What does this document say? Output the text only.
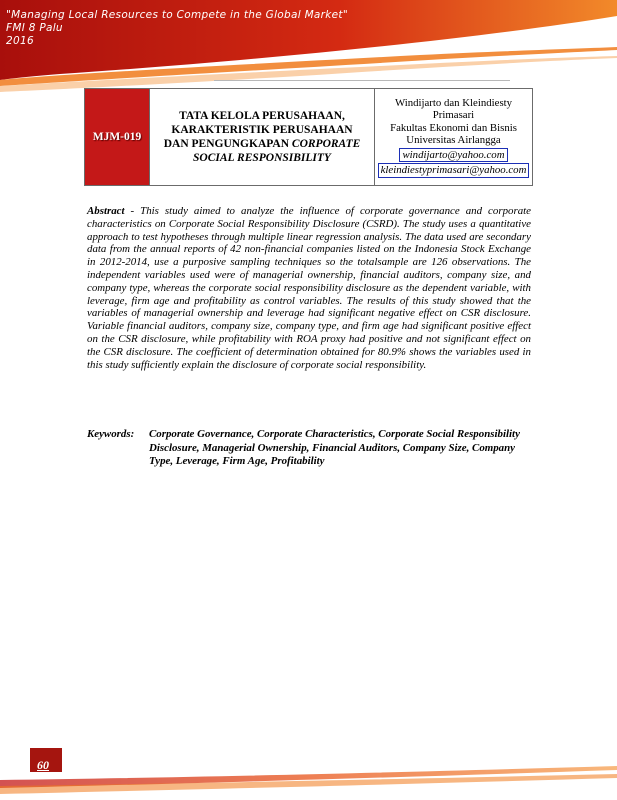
"Managing Local Resources to Compete in the Global Market"
FMI 8 Palu
2016
MJM-019
TATA KELOLA PERUSAHAAN,
KARAKTERISTIK PERUSAHAAN
DAN PENGUNGKAPAN CORPORATE
SOCIAL RESPONSIBILITY
Windijarto dan Kleindiesty
Primasari
Fakultas Ekonomi dan Bisnis
Universitas Airlangga
windijarto@yahoo.com
kleindiestyprimasari@yahoo.com
Abstract - This study aimed to analyze the influence of corporate governance and corporate characteristics on Corporate Social Responsibility Disclosure (CSRD). The study uses a quantitative approach to test hypotheses through multiple linear regression analysis. The data used are secondary data from the annual reports of 42 non-financial companies listed on the Indonesia Stock Exchange in 2012-2014, use a purposive sampling techniques so the totalsample are 126 observations. The independent variables used were of managerial ownership, financial auditors, company size, and company type, whereas the corporate social responsibility disclosure as the dependent variable, with leverage, firm age and profitability as control variables. The results of this study showed that the variables of managerial ownership and leverage had significant negative effect on CSR disclosure. Variable financial auditors, company size, company type, and firm age had significant positive effect on the CSR disclosure, while profitability with ROA proxy had positive and not significant effect on the CSR disclosure. The coefficient of determination obtained for 80.9% shows the variables used in this study sufficiently explain the disclosure of corporate social responsibility.
Keywords:	Corporate Governance, Corporate Characteristics, Corporate Social Responsibility Disclosure, Managerial Ownership, Financial Auditors, Company Size, Company Type, Leverage, Firm Age, Profitability
60
